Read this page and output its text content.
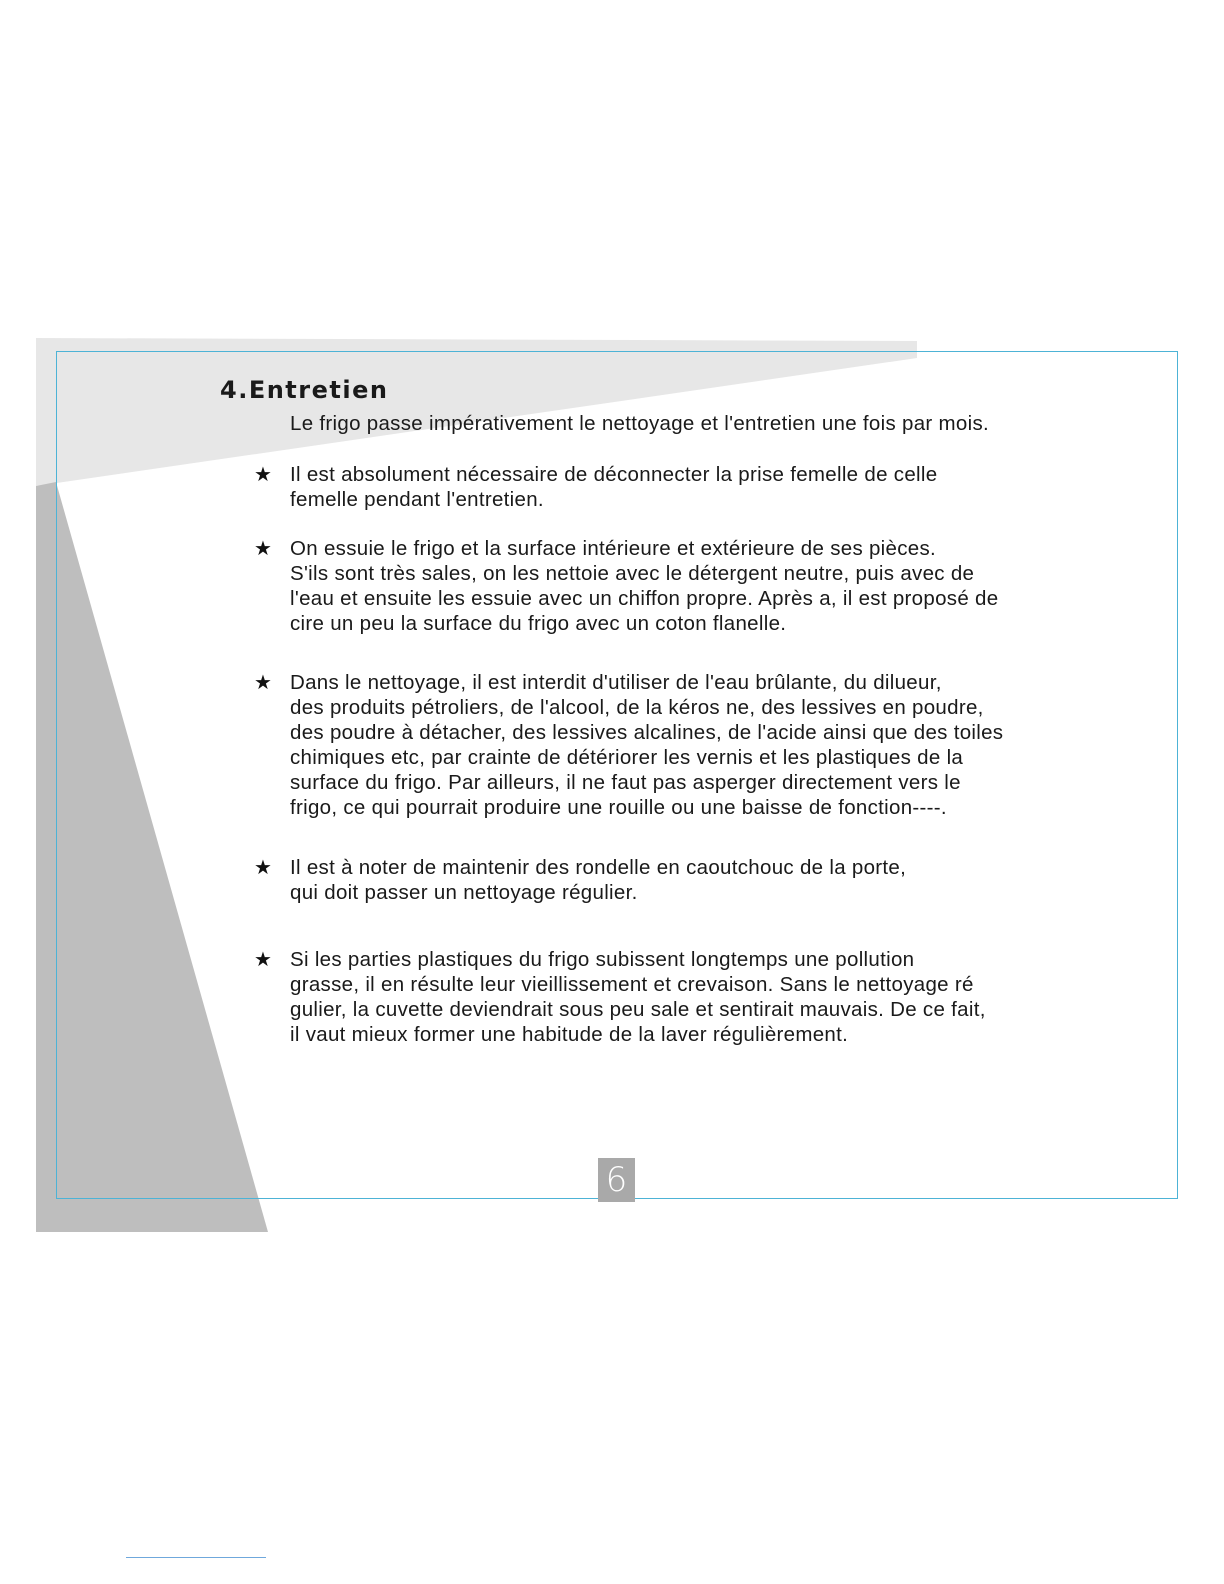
4.Entretien
Le frigo passe impérativement le nettoyage et l'entretien une fois par mois.
★ Il est absolument nécessaire de déconnecter la prise femelle de celle
femelle pendant l'entretien.
★ On essuie le frigo et la surface intérieure et extérieure de ses pièces.
S'ils sont très sales, on les nettoie avec le détergent neutre, puis avec de
l'eau et ensuite les essuie avec un chiffon propre. Après a, il est proposé de
cire un peu la surface du frigo avec un coton flanelle.
★ Dans le nettoyage, il est interdit d'utiliser de l'eau brûlante, du dilueur,
des produits pétroliers, de l'alcool, de la kéros ne, des lessives en poudre,
des poudre à détacher, des lessives alcalines, de l'acide ainsi que des toiles
chimiques etc, par crainte de détériorer les vernis et les plastiques de la
surface du frigo. Par ailleurs, il ne faut pas asperger directement vers le
frigo, ce qui pourrait produire une rouille ou une baisse de fonction----.
★ Il est à noter de maintenir des rondelle en caoutchouc de la porte,
qui doit passer un nettoyage régulier.
★ Si les parties plastiques du frigo subissent longtemps une pollution
grasse, il en résulte leur vieillissement et crevaison. Sans le nettoyage ré
gulier, la cuvette deviendrait sous peu sale et sentirait mauvais. De ce fait,
il vaut mieux former une habitude de la laver régulièrement.
6
